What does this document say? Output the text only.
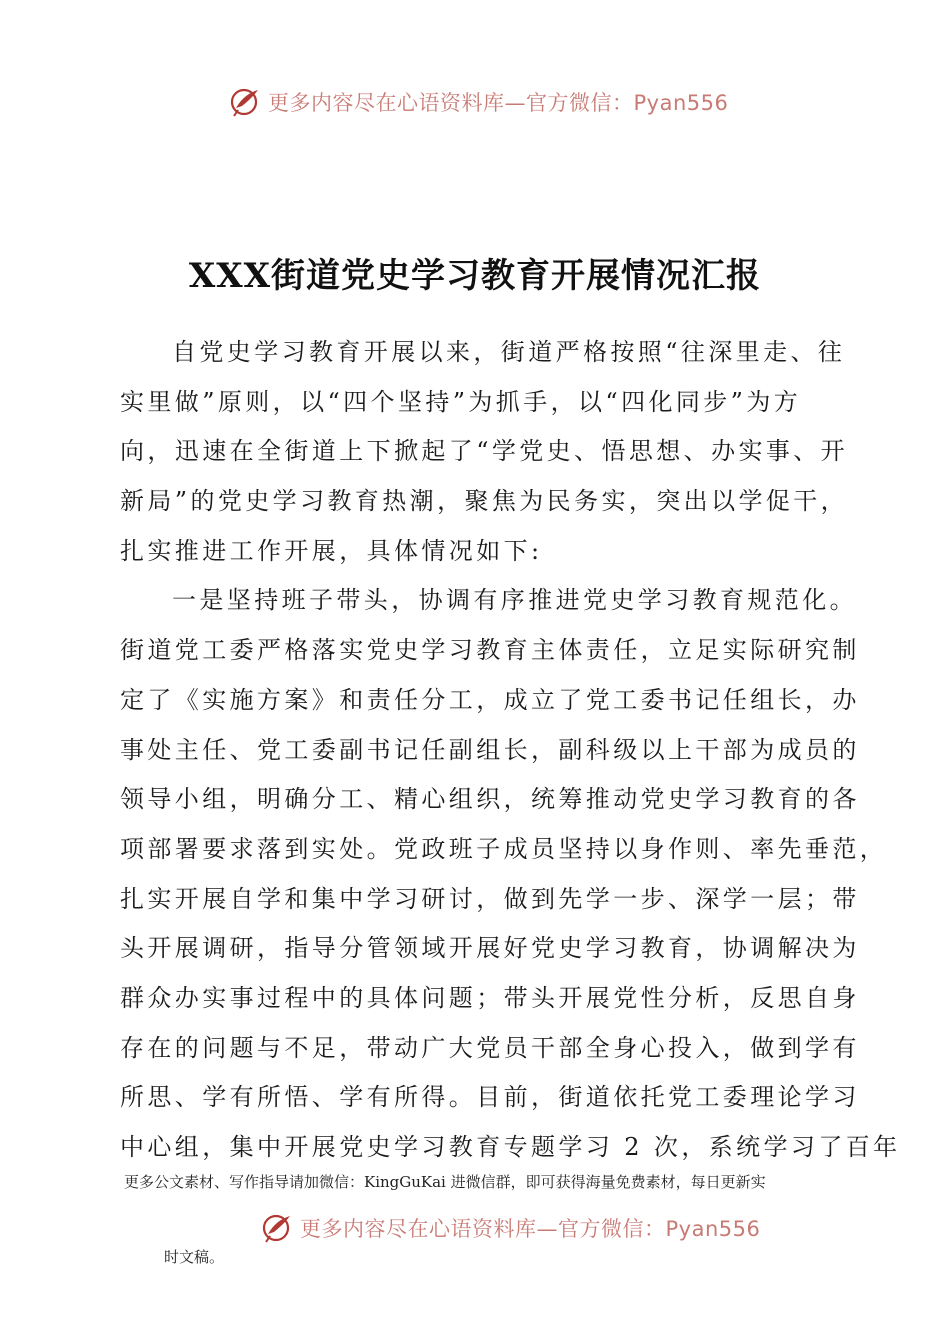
更多内容尽在心语资料库—官方微信：Pyan556
XXX街道党史学习教育开展情况汇报
自党史学习教育开展以来，街道严格按照“往深里走、往
实里做”原则，以“四个坚持”为抓手，以“四化同步”为方
向，迅速在全街道上下掀起了“学党史、悟思想、办实事、开
新局”的党史学习教育热潮，聚焦为民务实，突出以学促干，
扎实推进工作开展，具体情况如下:
一是坚持班子带头，协调有序推进党史学习教育规范化。
街道党工委严格落实党史学习教育主体责任，立足实际研究制
定了《实施方案》和责任分工，成立了党工委书记任组长，办
事处主任、党工委副书记任副组长，副科级以上干部为成员的
领导小组，明确分工、精心组织，统筹推动党史学习教育的各
项部署要求落到实处。党政班子成员坚持以身作则、率先垂范，
扎实开展自学和集中学习研讨，做到先学一步、深学一层；带
头开展调研，指导分管领域开展好党史学习教育，协调解决为
群众办实事过程中的具体问题；带头开展党性分析，反思自身
存在的问题与不足，带动广大党员干部全身心投入，做到学有
所思、学有所悟、学有所得。目前，街道依托党工委理论学习
中心组，集中开展党史学习教育专题学习 2 次，系统学习了百年
更多公文素材、写作指导请加微信：KingGuKai 进微信群，即可获得海量免费素材，每日更新实
更多内容尽在心语资料库—官方微信：Pyan556
时文稿。
